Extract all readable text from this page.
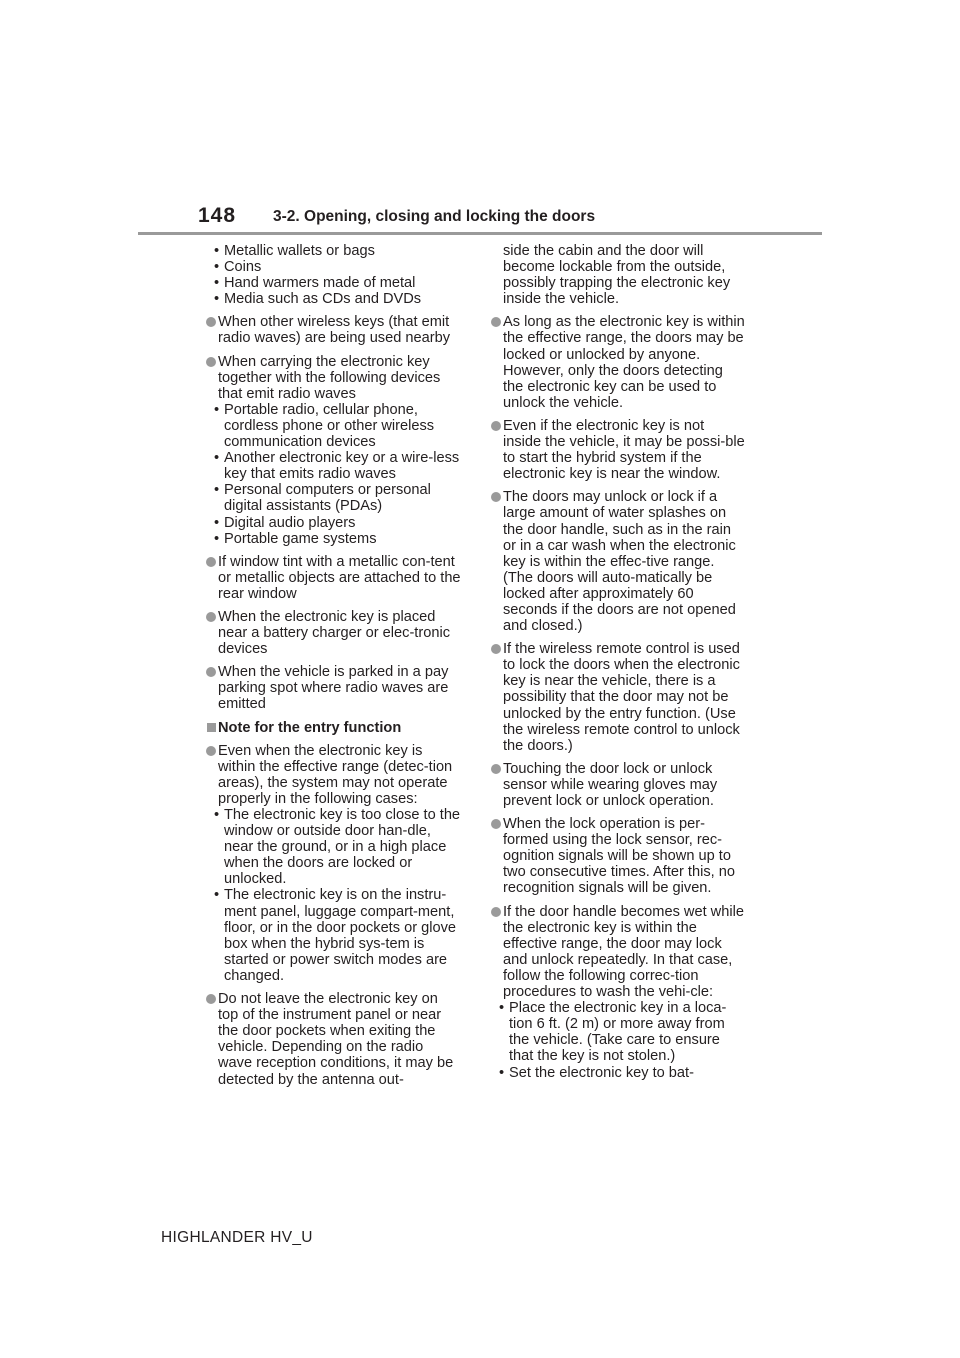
148 3-2. Opening, closing and locking the doors

• Metallic wallets or bags

• Coins

• Hand warmers made of metal

• Media such as CDs and DVDs

When other wireless keys (that emit radio waves) are being used nearby

When carrying the electronic key together with the following devices that emit radio waves

• Portable radio, cellular phone, cordless phone or other wireless communication devices

• Another electronic key or a wire-less key that emits radio waves

• Personal computers or personal digital assistants (PDAs)

• Digital audio players

• Portable game systems

If window tint with a metallic con-tent or metallic objects are attached to the rear window

When the electronic key is placed near a battery charger or elec-tronic devices

When the vehicle is parked in a pay parking spot where radio waves are emitted

Note for the entry function

Even when the electronic key is within the effective range (detec-tion areas), the system may not operate properly in the following cases:

• The electronic key is too close to the window or outside door han-dle, near the ground, or in a high place when the doors are locked or unlocked.

• The electronic key is on the instru-ment panel, luggage compart-ment, floor, or in the door pockets or glove box when the hybrid sys-tem is started or power switch modes are changed.

Do not leave the electronic key on top of the instrument panel or near the door pockets when exiting the vehicle. Depending on the radio wave reception conditions, it may be detected by the antenna out-

side the cabin and the door will become lockable from the outside, possibly trapping the electronic key inside the vehicle.

As long as the electronic key is within the effective range, the doors may be locked or unlocked by anyone. However, only the doors detecting the electronic key can be used to unlock the vehicle.

Even if the electronic key is not inside the vehicle, it may be possi-ble to start the hybrid system if the electronic key is near the window.

The doors may unlock or lock if a large amount of water splashes on the door handle, such as in the rain or in a car wash when the electronic key is within the effec-tive range. (The doors will auto-matically be locked after approximately 60 seconds if the doors are not opened and closed.)

If the wireless remote control is used to lock the doors when the electronic key is near the vehicle, there is a possibility that the door may not be unlocked by the entry function. (Use the wireless remote control to unlock the doors.)

Touching the door lock or unlock sensor while wearing gloves may prevent lock or unlock operation.

When the lock operation is per-formed using the lock sensor, rec-ognition signals will be shown up to two consecutive times. After this, no recognition signals will be given.

If the door handle becomes wet while the electronic key is within the effective range, the door may lock and unlock repeatedly. In that case, follow the following correc-tion procedures to wash the vehi-cle:

• Place the electronic key in a loca-tion 6 ft. (2 m) or more away from the vehicle. (Take care to ensure that the key is not stolen.)

• Set the electronic key to bat-

HIGHLANDER HV_U
